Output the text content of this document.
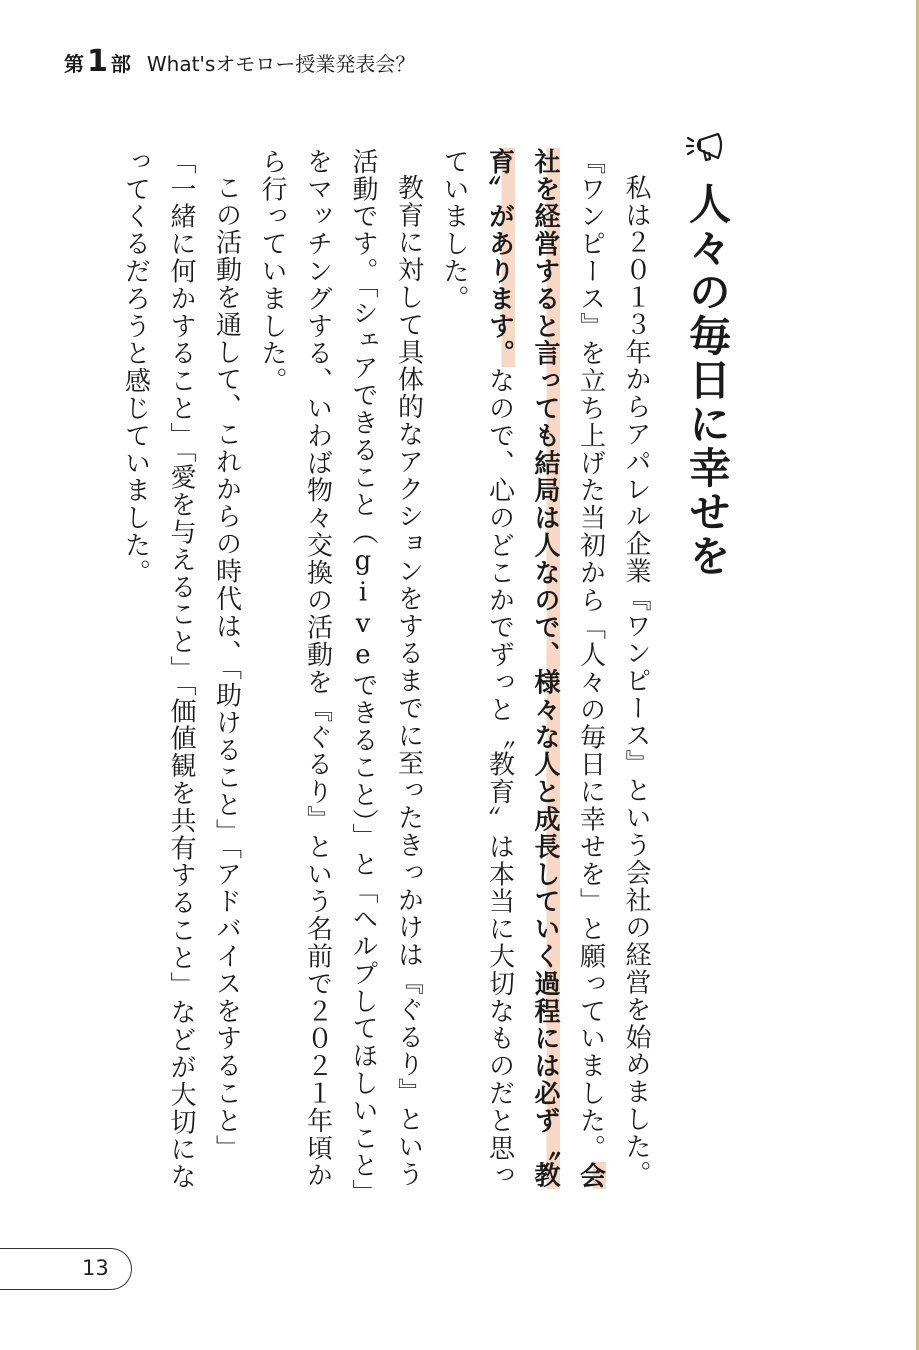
第 1 部 What'sオモロー授業発表会？
人々の毎日に幸せを

私は２０１３年からアパレル企業『ワンピース』という会社の経営を始めました。『ワンピース』を立ち上げた当初から「人々の毎日に幸せを」と願っていました。会社を経営すると言っても結局は人なので、様々な人と成長していく過程には必ず〝教育〟があります。なので、心のどこかでずっと〝教育〟は本当に大切なものだと思っていました。

教育に対して具体的なアクションをするまでに至ったきっかけは『ぐるり』という活動です。「シェアできること（giveできること）」と「ヘルプしてほしいこと」をマッチングする、いわば物々交換の活動を『ぐるり』という名前で２０２１年頃から行っていました。

この活動を通して、これからの時代は、「助けること」「アドバイスをすること」「一緒に何かすること」「愛を与えること」「価値観を共有すること」などが大切になってくるだろうと感じていました。

13
